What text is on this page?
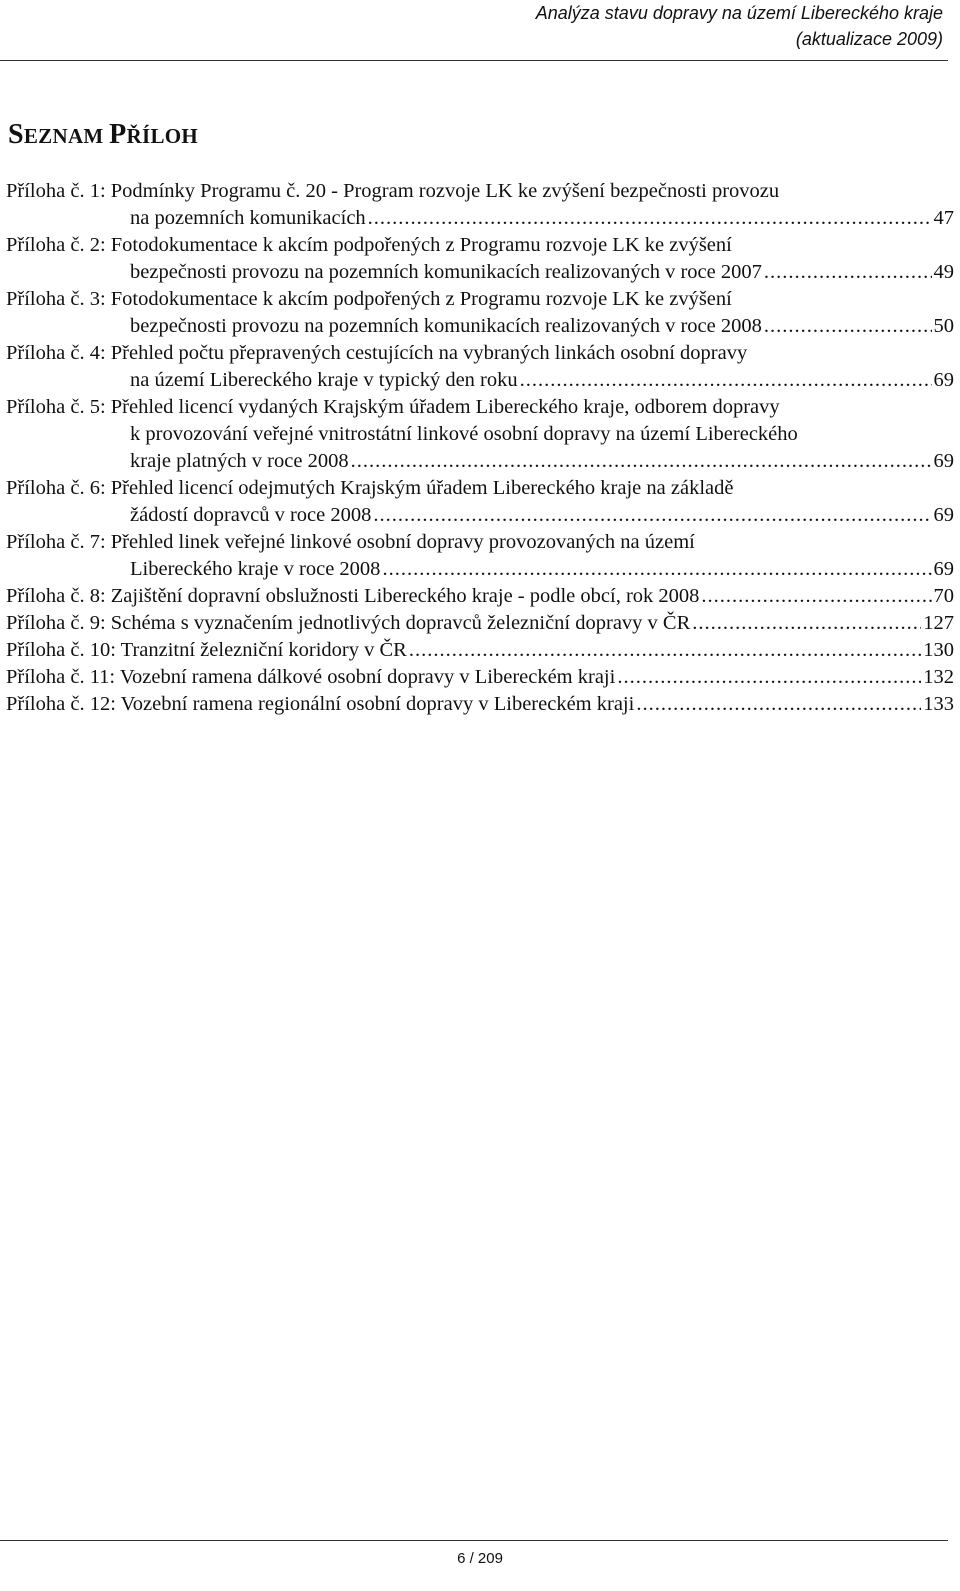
Analýza stavu dopravy na území Libereckého kraje
(aktualizace 2009)
SEZNAM PŘÍLOH
Příloha č. 1: Podmínky Programu č. 20 - Program rozvoje LK ke zvýšení bezpečnosti provozu
na pozemních komunikacích .....	47
Příloha č. 2: Fotodokumentace k akcím podpořených z Programu rozvoje LK ke zvýšení
bezpečnosti provozu na pozemních komunikacích realizovaných v roce 2007 .....	49
Příloha č. 3: Fotodokumentace k akcím podpořených z Programu rozvoje LK ke zvýšení
bezpečnosti provozu na pozemních komunikacích realizovaných v roce 2008 .....	50
Příloha č. 4: Přehled počtu přepravených cestujících na vybraných linkách osobní dopravy
na území Libereckého kraje v typický den roku .....	69
Příloha č. 5: Přehled licencí vydaných Krajským úřadem Libereckého kraje, odborem dopravy
k provozování veřejné vnitrostátní linkové osobní dopravy na území Libereckého
kraje platných v roce 2008 .....	69
Příloha č. 6: Přehled licencí odejmutých Krajským úřadem Libereckého kraje na základě
žádostí dopravců v roce 2008 .....	69
Příloha č. 7: Přehled linek veřejné linkové osobní dopravy provozovaných na území
Libereckého kraje v roce 2008 .....	69
Příloha č. 8: Zajištění dopravní obslužnosti Libereckého kraje - podle obcí, rok 2008 .....	70
Příloha č. 9: Schéma s vyznačením jednotlivých dopravců železniční dopravy v ČR .....	127
Příloha č. 10: Tranzitní železniční koridory v ČR .....	130
Příloha č. 11: Vozební ramena dálkové osobní dopravy v Libereckém kraji .....	132
Příloha č. 12: Vozební ramena regionální osobní dopravy v Libereckém kraji .....	133
6 / 209
